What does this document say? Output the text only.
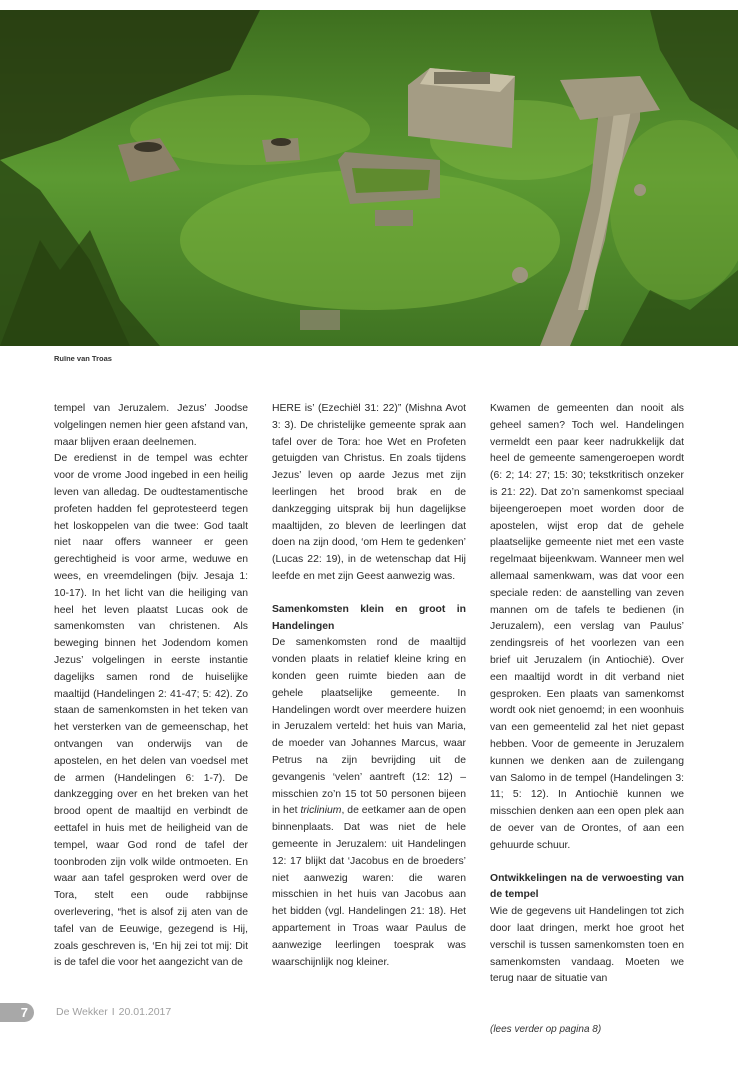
Ruïne van Troas

tempel van Jeruzalem. Jezus’ Joodse volgelingen nemen hier geen afstand van, maar blijven eraan deelnemen.

De eredienst in de tempel was echter voor de vrome Jood ingebed in een heilig leven van alledag. De oudtestamentische profeten hadden fel geprotesteerd tegen het loskoppelen van die twee: God taalt niet naar offers wanneer er geen gerechtigheid is voor arme, weduwe en wees, en vreemdelingen (bijv. Jesaja 1: 10-17). In het licht van die heiliging van heel het leven plaatst Lucas ook de samenkomsten van christenen. Als beweging binnen het Jodendom komen Jezus’ volgelingen in eerste instantie dagelijks samen rond de huiselijke maaltijd (Handelingen 2: 41-47; 5: 42). Zo staan de samenkomsten in het teken van het versterken van de gemeenschap, het ontvangen van onderwijs van de apostelen, en het delen van voedsel met de armen (Handelingen 6: 1-7). De dankzegging over en het breken van het brood opent de maaltijd en verbindt de eettafel in huis met de heiligheid van de tempel, waar God rond de tafel der toonbroden zijn volk wilde ontmoeten. En waar aan tafel gesproken werd over de Tora, stelt een oude rabbijnse overlevering, “het is alsof zij aten van de tafel van de Eeuwige, gezegend is Hij, zoals geschreven is, ‘En hij zei tot mij: Dit is de tafel die voor het aangezicht van de

HERE is’ (Ezechiël 31: 22)” (Mishna Avot 3: 3). De christelijke gemeente sprak aan tafel over de Tora: hoe Wet en Profeten getuigden van Christus. En zoals tijdens Jezus’ leven op aarde Jezus met zijn leerlingen het brood brak en de dankzegging uitsprak bij hun dagelijkse maaltijden, zo bleven de leerlingen dat doen na zijn dood, ‘om Hem te gedenken’ (Lucas 22: 19), in de wetenschap dat Hij leefde en met zijn Geest aanwezig was.

Samenkomsten klein en groot in Handelingen

De samenkomsten rond de maaltijd vonden plaats in relatief kleine kring en konden geen ruimte bieden aan de gehele plaatselijke gemeente. In Handelingen wordt over meerdere huizen in Jeruzalem verteld: het huis van Maria, de moeder van Johannes Marcus, waar Petrus na zijn bevrijding uit de gevangenis ‘velen’ aantreft (12: 12) – misschien zo’n 15 tot 50 personen bijeen in het triclinium, de eetkamer aan de open binnenplaats. Dat was niet de hele gemeente in Jeruzalem: uit Handelingen 12: 17 blijkt dat ‘Jacobus en de broeders’ niet aanwezig waren: die waren misschien in het huis van Jacobus aan het bidden (vgl. Handelingen 21: 18). Het appartement in Troas waar Paulus de aanwezige leerlingen toesprak was waarschijnlijk nog kleiner.

Kwamen de gemeenten dan nooit als geheel samen? Toch wel. Handelingen vermeldt een paar keer nadrukkelijk dat heel de gemeente samengeroepen wordt (6: 2; 14: 27; 15: 30; tekstkritisch onzeker is 21: 22). Dat zo’n samenkomst speciaal bijeengeroepen moet worden door de apostelen, wijst erop dat de gehele plaatselijke gemeente niet met een vaste regelmaat bijeenkwam. Wanneer men wel allemaal samenkwam, was dat voor een speciale reden: de aanstelling van zeven mannen om de tafels te bedienen (in Jeruzalem), een verslag van Paulus’ zendingsreis of het voorlezen van een brief uit Jeruzalem (in Antiochië). Over een maaltijd wordt in dit verband niet gesproken. Een plaats van samenkomst wordt ook niet genoemd; in een woonhuis van een gemeentelid zal het niet gepast hebben. Voor de gemeente in Jeruzalem kunnen we denken aan de zuilengang van Salomo in de tempel (Handelingen 3: 11; 5: 12). In Antiochië kunnen we misschien denken aan een open plek aan de oever van de Orontes, of aan een gehuurde schuur.

Ontwikkelingen na de verwoesting van de tempel

Wie de gegevens uit Handelingen tot zich door laat dringen, merkt hoe groot het verschil is tussen samenkomsten toen en samenkomsten vandaag. Moeten we terug naar de situatie van

(lees verder op pagina 8)
7	De Wekker I 20.01.2017
